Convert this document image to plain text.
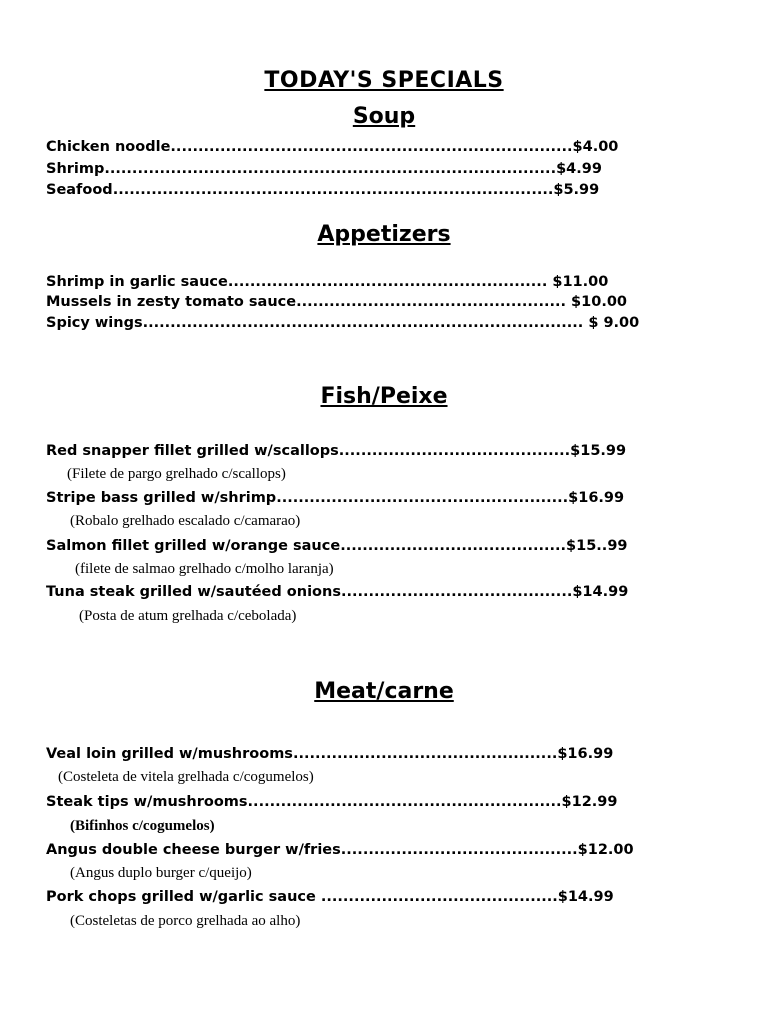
TODAY'S SPECIALS
Soup
Chicken noodle.........................................................................$4.00
Shrimp..................................................................................$4.99
Seafood................................................................................$5.99
Appetizers
Shrimp in garlic sauce.......................................................... $11.00
Mussels in zesty tomato sauce................................................. $10.00
Spicy wings................................................................................ $ 9.00
Fish/Peixe
Red snapper fillet grilled w/scallops..........................................$15.99
(Filete de pargo grelhado c/scallops)
Stripe bass grilled w/shrimp.....................................................$16.99
(Robalo grelhado escalado c/camarao)
Salmon fillet grilled w/orange sauce.........................................$15..99
(filete de salmao grelhado c/molho laranja)
Tuna steak grilled w/sautéed onions..........................................$14.99
(Posta de atum grelhada c/cebolada)
Meat/carne
Veal loin grilled w/mushrooms................................................$16.99
(Costeleta de vitela grelhada c/cogumelos)
Steak tips w/mushrooms.........................................................$12.99
(Bifinhos c/cogumelos)
Angus double cheese burger w/fries...........................................$12.00
(Angus duplo burger c/queijo)
Pork chops grilled w/garlic sauce ...........................................$14.99
(Costeletas de porco grelhada ao alho)
